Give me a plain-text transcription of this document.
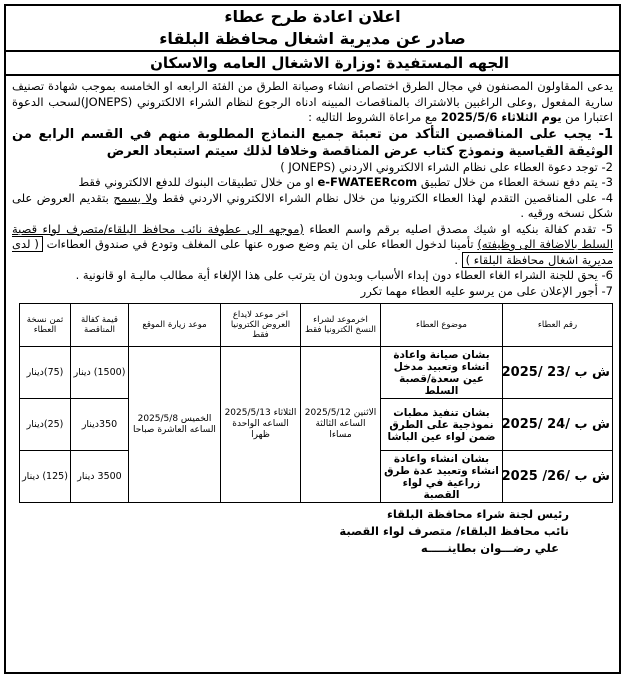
اعلان اعادة طرح عطاء
صادر عن مديرية اشغال محافظة البلقاء
الجهه المستفيدة :وزارة الاشغال العامه والاسكان

يدعى المقاولون المصنفون في مجال الطرق اختصاص انشاء وصيانة الطرق من الفئة الرابعه او الخامسه بموجب شهادة تصنيف سارية المفعول ,وعلى الراغبين بالاشتراك بالمناقصات المبينه ادناه الرجوع لنظام الشراء الالكتروني (JONEPS)لسحب الدعوة اعتبارا من يوم الثلاثاء 2025/5/6 مع مراعاة الشروط التاليه :

1- يجب على المناقصين التأكد من تعبئة جميع النماذج المطلوبة منهم في القسم الرابع من الوثيقة القياسية ونموذج كتاب عرض المناقصة وخلافا لذلك سيتم استبعاد العرض

2- توجد دعوة العطاء على نظام الشراء الالكتروني الاردني (JONEPS )

3- يتم دفع نسخة العطاء من خلال تطبيق e-FWATEERcom او من خلال تطبيقات البنوك للدفع الالكتروني فقط

4- على المناقصين التقدم لهذا العطاء الكترونيا من خلال نظام الشراء الالكتروني الاردني فقط ولا يسمح بتقديم العروض على شكل نسخه ورقيه .

5- تقدم كفالة بنكيه او شيك مصدق اصليه برقم واسم العطاء (موجهه الى عطوفة نائب محافظ البلقاء/متصرف لواء قصبة السلط بالاضافة الى وظيفته) تأمينا لدخول العطاء على ان يتم وضع صوره عنها على المغلف وتودع في صندوق العطاءات ( لدى مديرية اشغال محافظة البلقاء ) .

6- يحق للجنة الشراء الغاء العطاء دون إبداء الأسباب وبدون ان يترتب على هذا الإلغاء أية مطالب ماليـة او قانونية .

7- أجور الإعلان على من يرسو عليه العطاء مهما تكرر

رقم العطاء	موضوع العطاء	اخرموعد لشراء النسخ الكترونيا فقط	اخر موعد لايداع العروض الكترونيا فقط	موعد زيارة الموقع	قيمة كفالة المناقصة	ثمن نسخة العطاء
ش ب /23 /2025	بشان صيانة واعادة انشاء وتعبيد مدخل عين سعدة/قصبة السلط	الاثنين 2025/5/12 الساعه الثالثة مساءا	الثلاثاء 2025/5/13 الساعه الواحدة ظهرا	الخميس 2025/5/8 الساعه العاشرة صباحا	(1500) دينار	(75)دينار
ش ب /24 /2025	بشان تنفيذ مطبات نموذجية على الطرق ضمن لواء عين الباشا				350دينار	(25)دينار
ش ب /26/ 2025	بشان انشاء واعادة انشاء وتعبيد عدة طرق زراعية في لواء القصبة				3500 دينار	(125) دينار
رئيس لجنة شراء محافظة البلقاء
نائب محافظ البلقاء/ متصرف لواء القصبة
علي رضـــوان بطاينـــــه
